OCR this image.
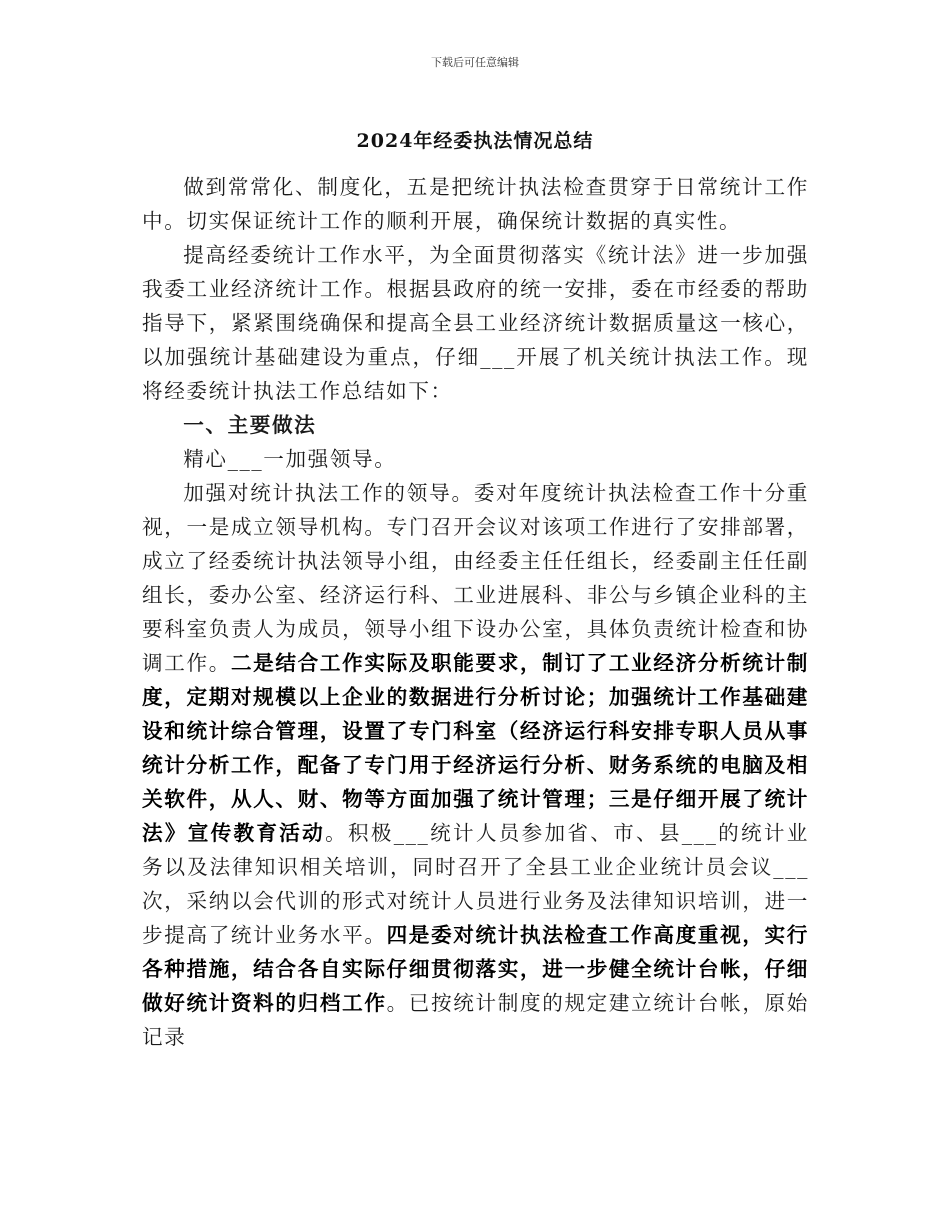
下载后可任意编辑
2024年经委执法情况总结

做到常常化、制度化，五是把统计执法检查贯穿于日常统计工作中。切实保证统计工作的顺利开展，确保统计数据的真实性。

提高经委统计工作水平，为全面贯彻落实《统计法》进一步加强我委工业经济统计工作。根据县政府的统一安排，委在市经委的帮助指导下，紧紧围绕确保和提高全县工业经济统计数据质量这一核心，以加强统计基础建设为重点，仔细___开展了机关统计执法工作。现将经委统计执法工作总结如下：

一、主要做法

精心___一加强领导。

加强对统计执法工作的领导。委对年度统计执法检查工作十分重视，一是成立领导机构。专门召开会议对该项工作进行了安排部署，成立了经委统计执法领导小组，由经委主任任组长，经委副主任任副组长，委办公室、经济运行科、工业进展科、非公与乡镇企业科的主要科室负责人为成员，领导小组下设办公室，具体负责统计检查和协调工作。二是结合工作实际及职能要求，制订了工业经济分析统计制度，定期对规模以上企业的数据进行分析讨论；加强统计工作基础建设和统计综合管理，设置了专门科室（经济运行科安排专职人员从事统计分析工作，配备了专门用于经济运行分析、财务系统的电脑及相关软件，从人、财、物等方面加强了统计管理；三是仔细开展了统计法》宣传教育活动。积极___统计人员参加省、市、县___的统计业务以及法律知识相关培训，同时召开了全县工业企业统计员会议___次，采纳以会代训的形式对统计人员进行业务及法律知识培训，进一步提高了统计业务水平。四是委对统计执法检查工作高度重视，实行各种措施，结合各自实际仔细贯彻落实，进一步健全统计台帐，仔细做好统计资料的归档工作。已按统计制度的规定建立统计台帐，原始记录
